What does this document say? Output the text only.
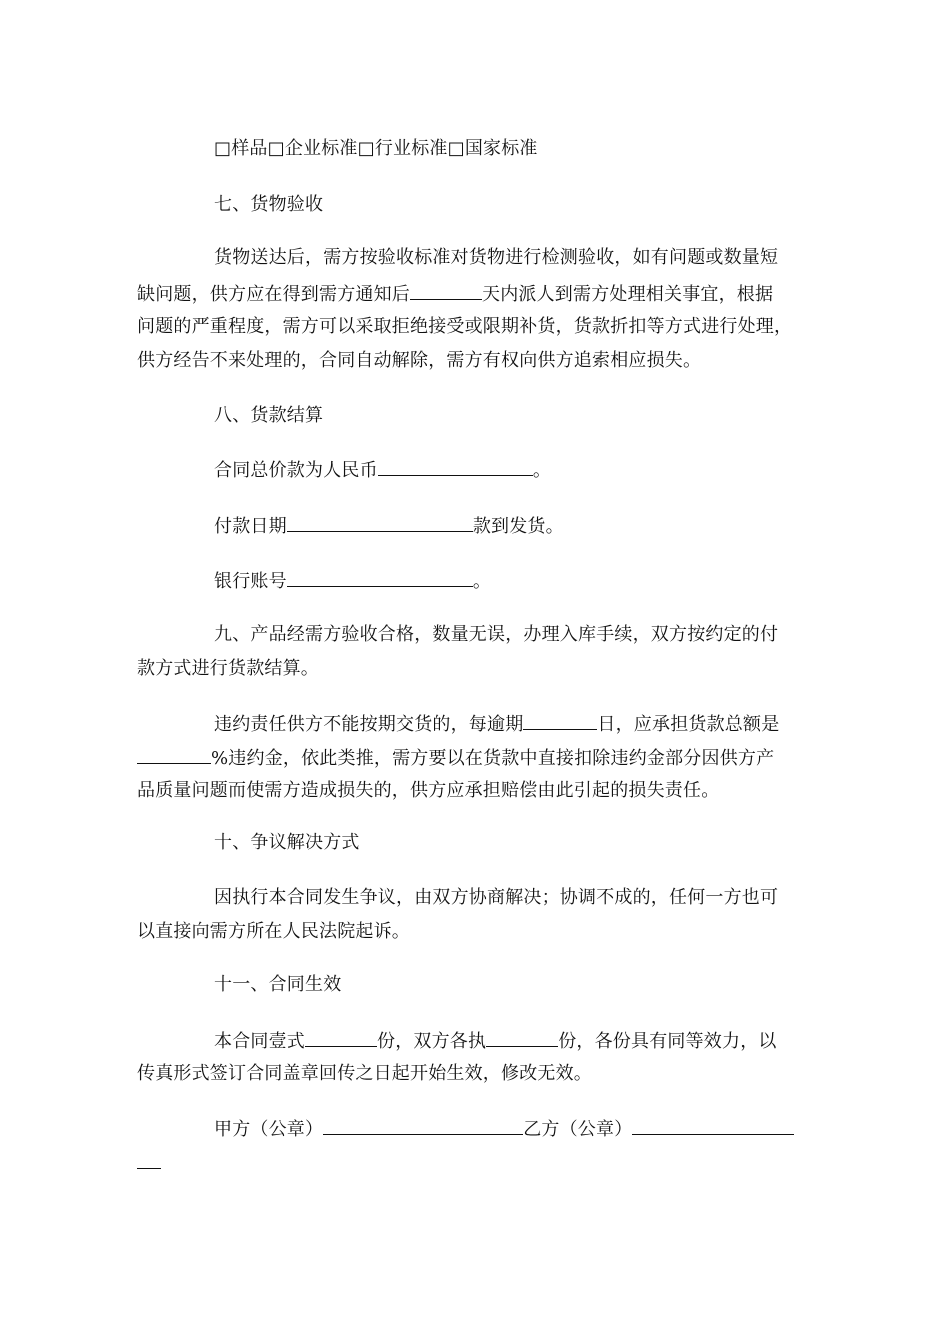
□样品□企业标准□行业标准□国家标准
七、货物验收
货物送达后，需方按验收标准对货物进行检测验收，如有问题或数量短
缺问题，供方应在得到需方通知后	天内派人到需方处理相关事宜，根据
问题的严重程度，需方可以采取拒绝接受或限期补货，货款折扣等方式进行处理，
供方经告不来处理的，合同自动解除，需方有权向供方追索相应损失。
八、货款结算
合同总价款为人民币	。
付款日期	款到发货。
银行账号	。
九、产品经需方验收合格，数量无误，办理入库手续，双方按约定的付
款方式进行货款结算。
违约责任供方不能按期交货的，每逾期	日，应承担货款总额是
%违约金，依此类推，需方要以在货款中直接扣除违约金部分因供方产
品质量问题而使需方造成损失的，供方应承担赔偿由此引起的损失责任。
十、争议解决方式
因执行本合同发生争议，由双方协商解决；协调不成的，任何一方也可
以直接向需方所在人民法院起诉。
十一、合同生效
本合同壹式	份，双方各执	份，各份具有同等效力，以
传真形式签订合同盖章回传之日起开始生效，修改无效。
甲方（公章）	乙方（公章）
